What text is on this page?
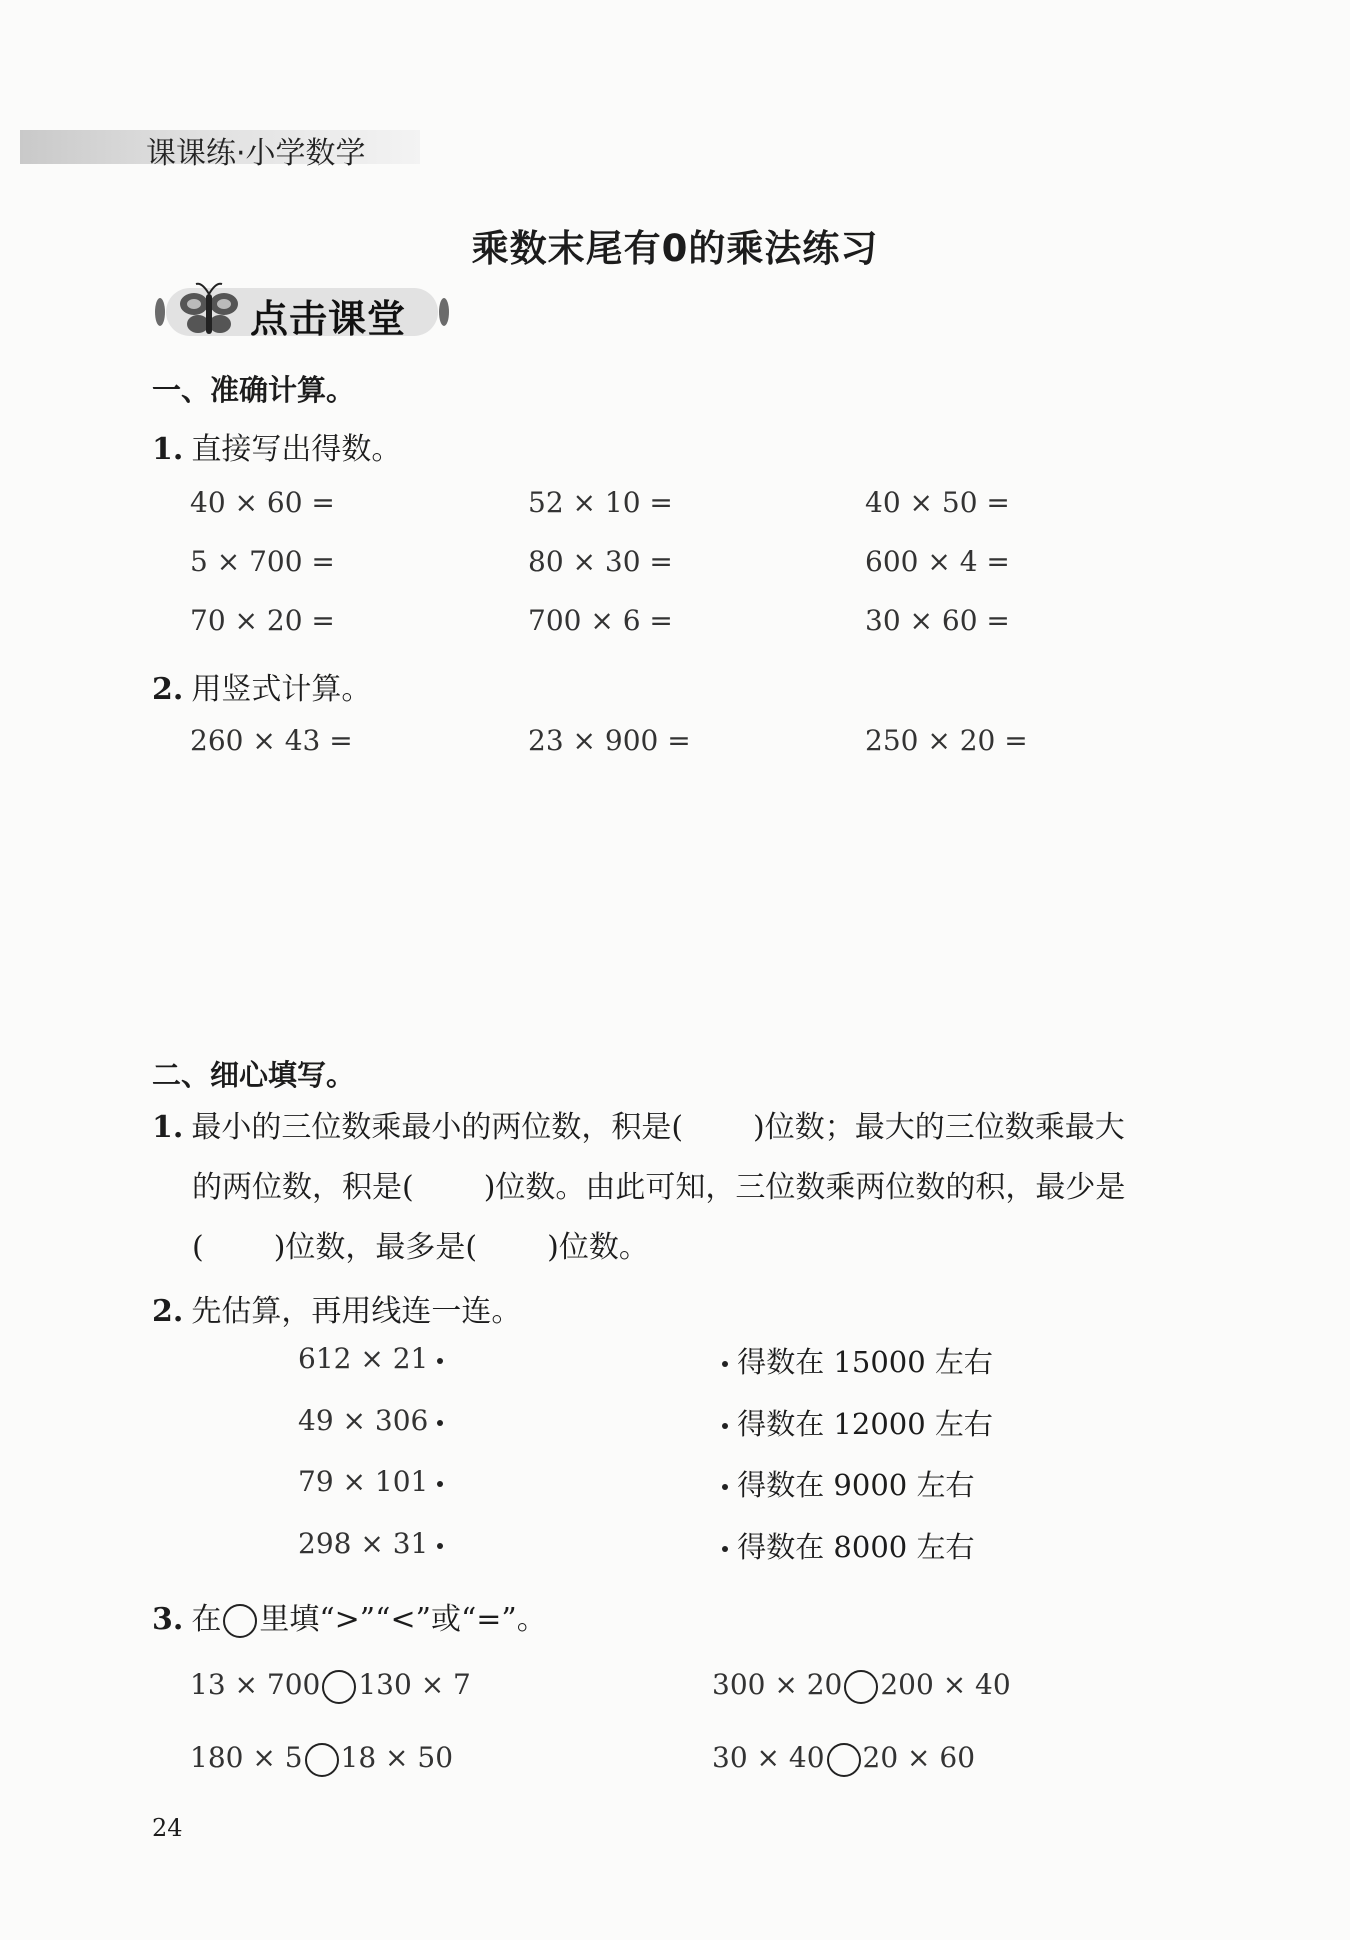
课课练·小学数学
乘数末尾有0的乘法练习
点击课堂
一、准确计算。
1. 直接写出得数。
40 × 60 =	52 × 10 =	40 × 50 =
5 × 700 =	80 × 30 =	600 × 4 =
70 × 20 =	700 × 6 =	30 × 60 =
2. 用竖式计算。
260 × 43 =	23 × 900 =	250 × 20 =
二、细心填写。
1. 最小的三位数乘最小的两位数，积是( )位数；最大的三位数乘最大
的两位数，积是( )位数。由此可知，三位数乘两位数的积，最少是
( )位数，最多是( )位数。
2. 先估算，再用线连一连。
612 × 21
49 × 306
79 × 101
298 × 31
得数在 15000 左右
得数在 12000 左右
得数在 9000 左右
得数在 8000 左右
3. 在 里填“>”“<”或“=”。
13 × 700 130 × 7	300 × 20 200 × 40
180 × 5 18 × 50	30 × 40 20 × 60
24
